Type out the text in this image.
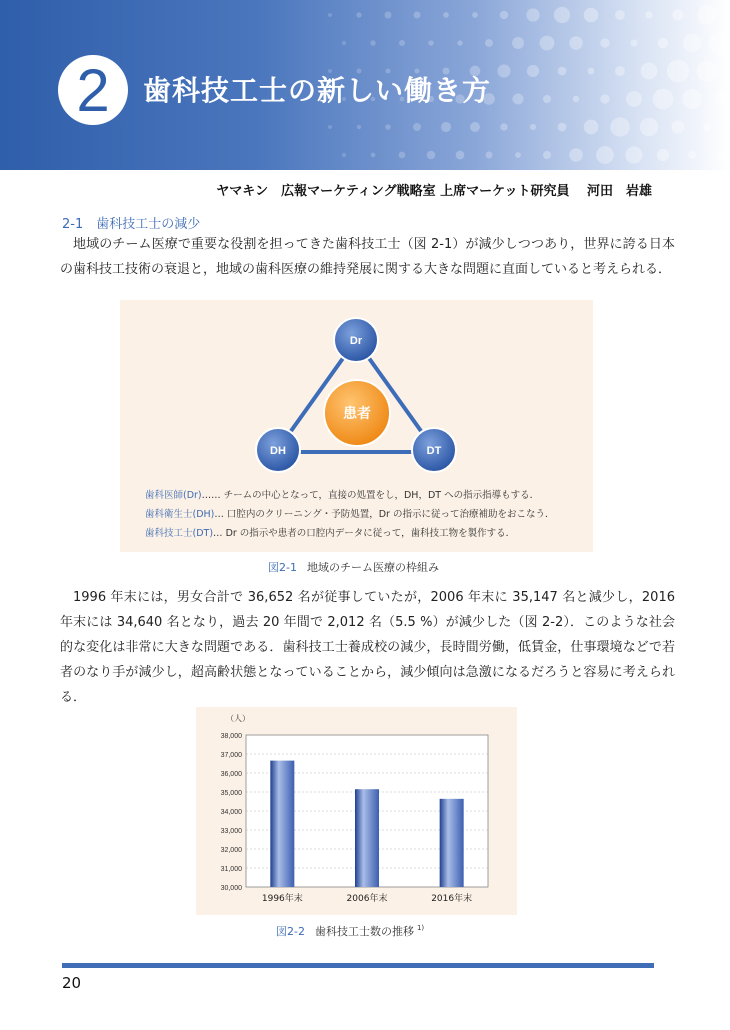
2	歯科技工士の新しい働き方
ヤマキン　広報マーケティング戦略室 上席マーケット研究員　 河田　岩雄
2-1　歯科技工士の減少

地域のチーム医療で重要な役割を担ってきた歯科技工士（図 2-1）が減少しつつあり，世界に誇る日本の歯科技工技術の衰退と，地域の歯科医療の維持発展に関する大きな問題に直面していると考えられる．

Dr
DH	DT
患者
歯科医師(Dr)…… チームの中心となって，直接の処置をし，DH，DT への指示指導もする．
歯科衛生士(DH)… 口腔内のクリーニング・予防処置，Dr の指示に従って治療補助をおこなう．
歯科技工士(DT)… Dr の指示や患者の口腔内データに従って，歯科技工物を製作する．
図2-1 地域のチーム医療の枠組み

1996 年末には，男女合計で 36,652 名が従事していたが，2006 年末に 35,147 名と減少し，2016 年末には 34,640 名となり，過去 20 年間で 2,012 名（5.5 %）が減少した（図 2-2）．このような社会的な変化は非常に大きな問題である．歯科技工士養成校の減少，長時間労働，低賃金，仕事環境などで若者のなり手が減少し，超高齢状態となっていることから，減少傾向は急激になるだろうと容易に考えられる．

（人）
30,000
31,000
32,000
33,000
34,000
35,000
36,000
37,000
38,000
1996年末	2006年末	2016年末
図2-2 歯科技工士数の推移 $^{1)}$
20
